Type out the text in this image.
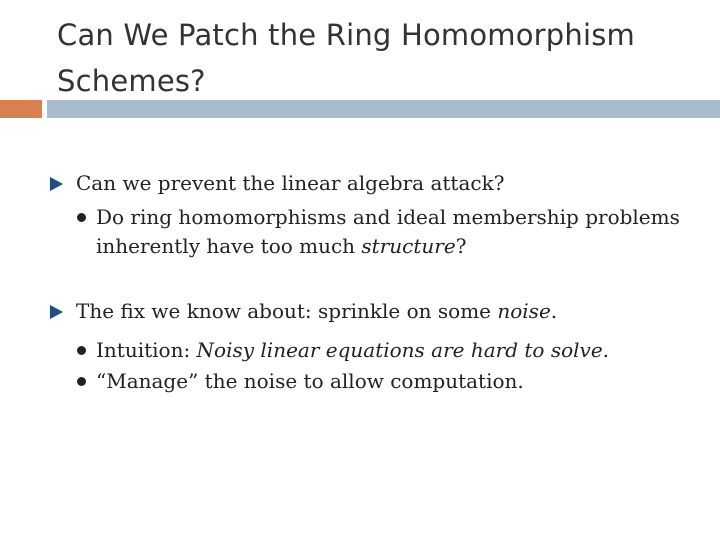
Can We Patch the Ring Homomorphism
Schemes?
Can we prevent the linear algebra attack?
Do ring homomorphisms and ideal membership problems
inherently have too much structure?
The fix we know about: sprinkle on some noise.
Intuition: Noisy linear equations are hard to solve.
“Manage” the noise to allow computation.
